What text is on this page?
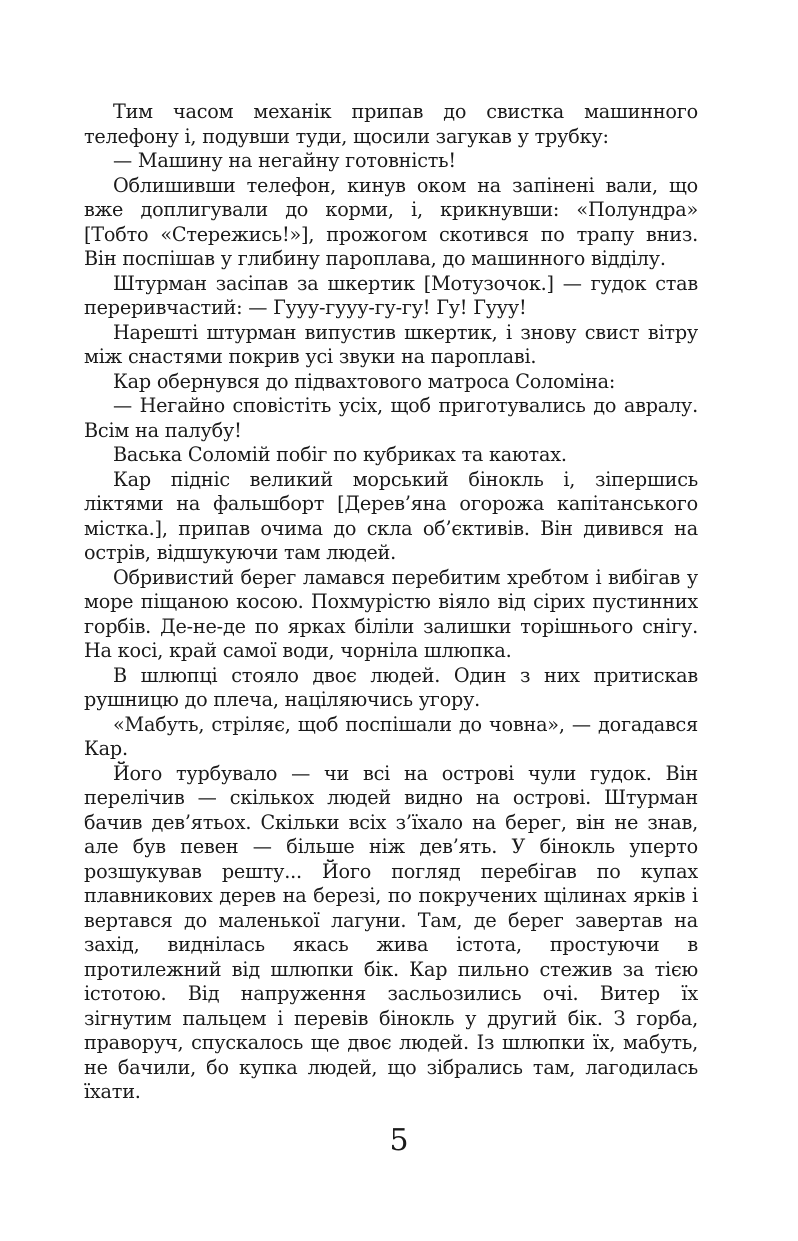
Тим часом механік припав до свистка машинного телефону і, подувши туди, щосили загукав у трубку:

— Машину на негайну готовність!

Облишивши телефон, кинув оком на запінені вали, що вже доплигували до корми, і, крикнувши: «Полундра» [Тобто «Стережись!»], прожогом скотився по трапу вниз. Він поспішав у глибину пароплава, до машинного відділу.

Штурман засіпав за шкертик [Мотузочок.] — гудок став переривчастий: — Гууу-гууу-гу-гу! Гу! Гууу!

Нарешті штурман випустив шкертик, і знову свист вітру між снастями покрив усі звуки на пароплаві.

Кар обернувся до підвахтового матроса Соломіна:

— Негайно сповістіть усіх, щоб приготувались до авралу. Всім на палубу!

Васька Соломій побіг по кубриках та каютах.

Кар підніс великий морський бінокль і, зіпершись ліктями на фальшборт [Дерев’яна огорожа капітанського містка.], припав очима до скла об’єктивів. Він дивився на острів, відшукуючи там людей.

Обривистий берег ламався перебитим хребтом і вибігав у море піщаною косою. Похмурістю віяло від сірих пустинних горбів. Де-не-де по ярках біліли залишки торішнього снігу. На косі, край самої води, чорніла шлюпка.

В шлюпці стояло двоє людей. Один з них притискав рушницю до плеча, націляючись угору.

«Мабуть, стріляє, щоб поспішали до човна», — догадався Кар.

Його турбувало — чи всі на острові чули гудок. Він перелічив — скількох людей видно на острові. Штурман бачив дев’ятьох. Скільки всіх з’їхало на берег, він не знав, але був певен — більше ніж дев’ять. У бінокль уперто розшукував решту... Його погляд перебігав по купах плавникових дерев на березі, по покручених щілинах ярків і вертався до маленької лагуни. Там, де берег завертав на захід, виднілась якась жива істота, простуючи в протилежний від шлюпки бік. Кар пильно стежив за тією істотою. Від напруження засльозились очі. Витер їх зігнутим пальцем і перевів бінокль у другий бік. З горба, праворуч, спускалось ще двоє людей. Із шлюпки їх, мабуть, не бачили, бо купка людей, що зібрались там, лагодилась їхати.

5
